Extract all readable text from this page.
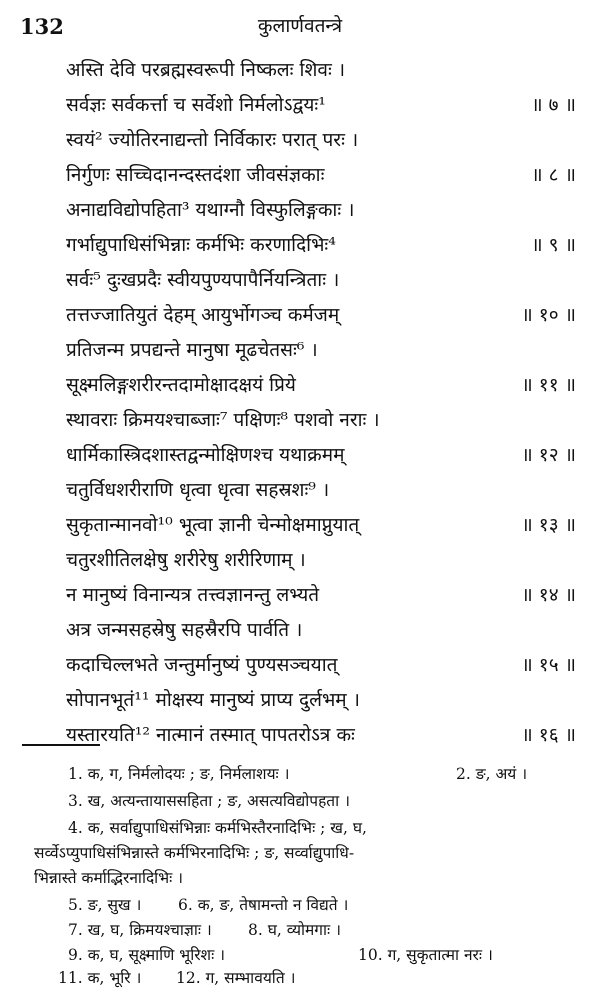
132	कुलार्णवतन्त्रे
अस्ति देवि परब्रह्मस्वरूपी निष्कलः शिवः ।
सर्वज्ञः सर्वकर्त्ता च सर्वेशो निर्मलोऽद्वयः¹	॥ ७ ॥
स्वयं² ज्योतिरनाद्यन्तो निर्विकारः परात् परः ।
निर्गुणः सच्चिदानन्दस्तदंशा जीवसंज्ञकाः	॥ ८ ॥
अनाद्यविद्योपहिता³ यथाग्नौ विस्फुलिङ्गकाः ।
गर्भाद्युपाधिसंभिन्नाः कर्मभिः करणादिभिः⁴	॥ ९ ॥
सर्वः⁵ दुःखप्रदैः स्वीयपुण्यपापैर्नियन्त्रिताः ।
तत्तज्जातियुतं देहम् आयुर्भोगञ्च कर्मजम्	॥ १० ॥
प्रतिजन्म प्रपद्यन्ते मानुषा मूढचेतसः⁶ ।
सूक्ष्मलिङ्गशरीरन्तदामोक्षादक्षयं प्रिये	॥ ११ ॥
स्थावराः क्रिमयश्चाब्जाः⁷ पक्षिणः⁸ पशवो नराः ।
धार्मिकास्त्रिदशास्तद्वन्मोक्षिणश्च यथाक्रमम्	॥ १२ ॥
चतुर्विधशरीराणि धृत्वा धृत्वा सहस्रशः⁹ ।
सुकृतान्मानवो¹⁰ भूत्वा ज्ञानी चेन्मोक्षमाप्नुयात्	॥ १३ ॥
चतुरशीतिलक्षेषु शरीरेषु शरीरिणाम् ।
न मानुष्यं विनान्यत्र तत्त्वज्ञानन्तु लभ्यते	॥ १४ ॥
अत्र जन्मसहस्रेषु सहस्रैरपि पार्वति ।
कदाचिल्लभते जन्तुर्मानुष्यं पुण्यसञ्चयात्	॥ १५ ॥
सोपानभूतं¹¹ मोक्षस्य मानुष्यं प्राप्य दुर्लभम् ।
यस्तारयति¹² नात्मानं तस्मात् पापतरोऽत्र कः	॥ १६ ॥
1. क, ग, निर्मलोदयः ; ङ, निर्मलाशयः ।	2. ङ, अयं ।
3. ख, अत्यन्तायाससहिता ; ङ, असत्यविद्योपहता ।
4. क, सर्वाद्युपाधिसंभिन्नाः कर्मभिस्तैरनादिभिः ; ख, घ,
सर्व्वेऽप्युपाधिसंभिन्नास्ते कर्मभिरनादिभिः ; ङ, सर्व्वाद्युपाधि-
भिन्नास्ते कर्माद्भिरनादिभिः ।
5. ङ, सुख । 6. क, ङ, तेषामन्तो न विद्यते ।
7. ख, घ, क्रिमयश्चाज्ञाः । 8. घ, व्योमगाः ।
9. क, घ, सूक्ष्माणि भूरिशः ।	10. ग, सुकृतात्मा नरः ।
11. क, भूरि । 12. ग, सम्भावयति ।
